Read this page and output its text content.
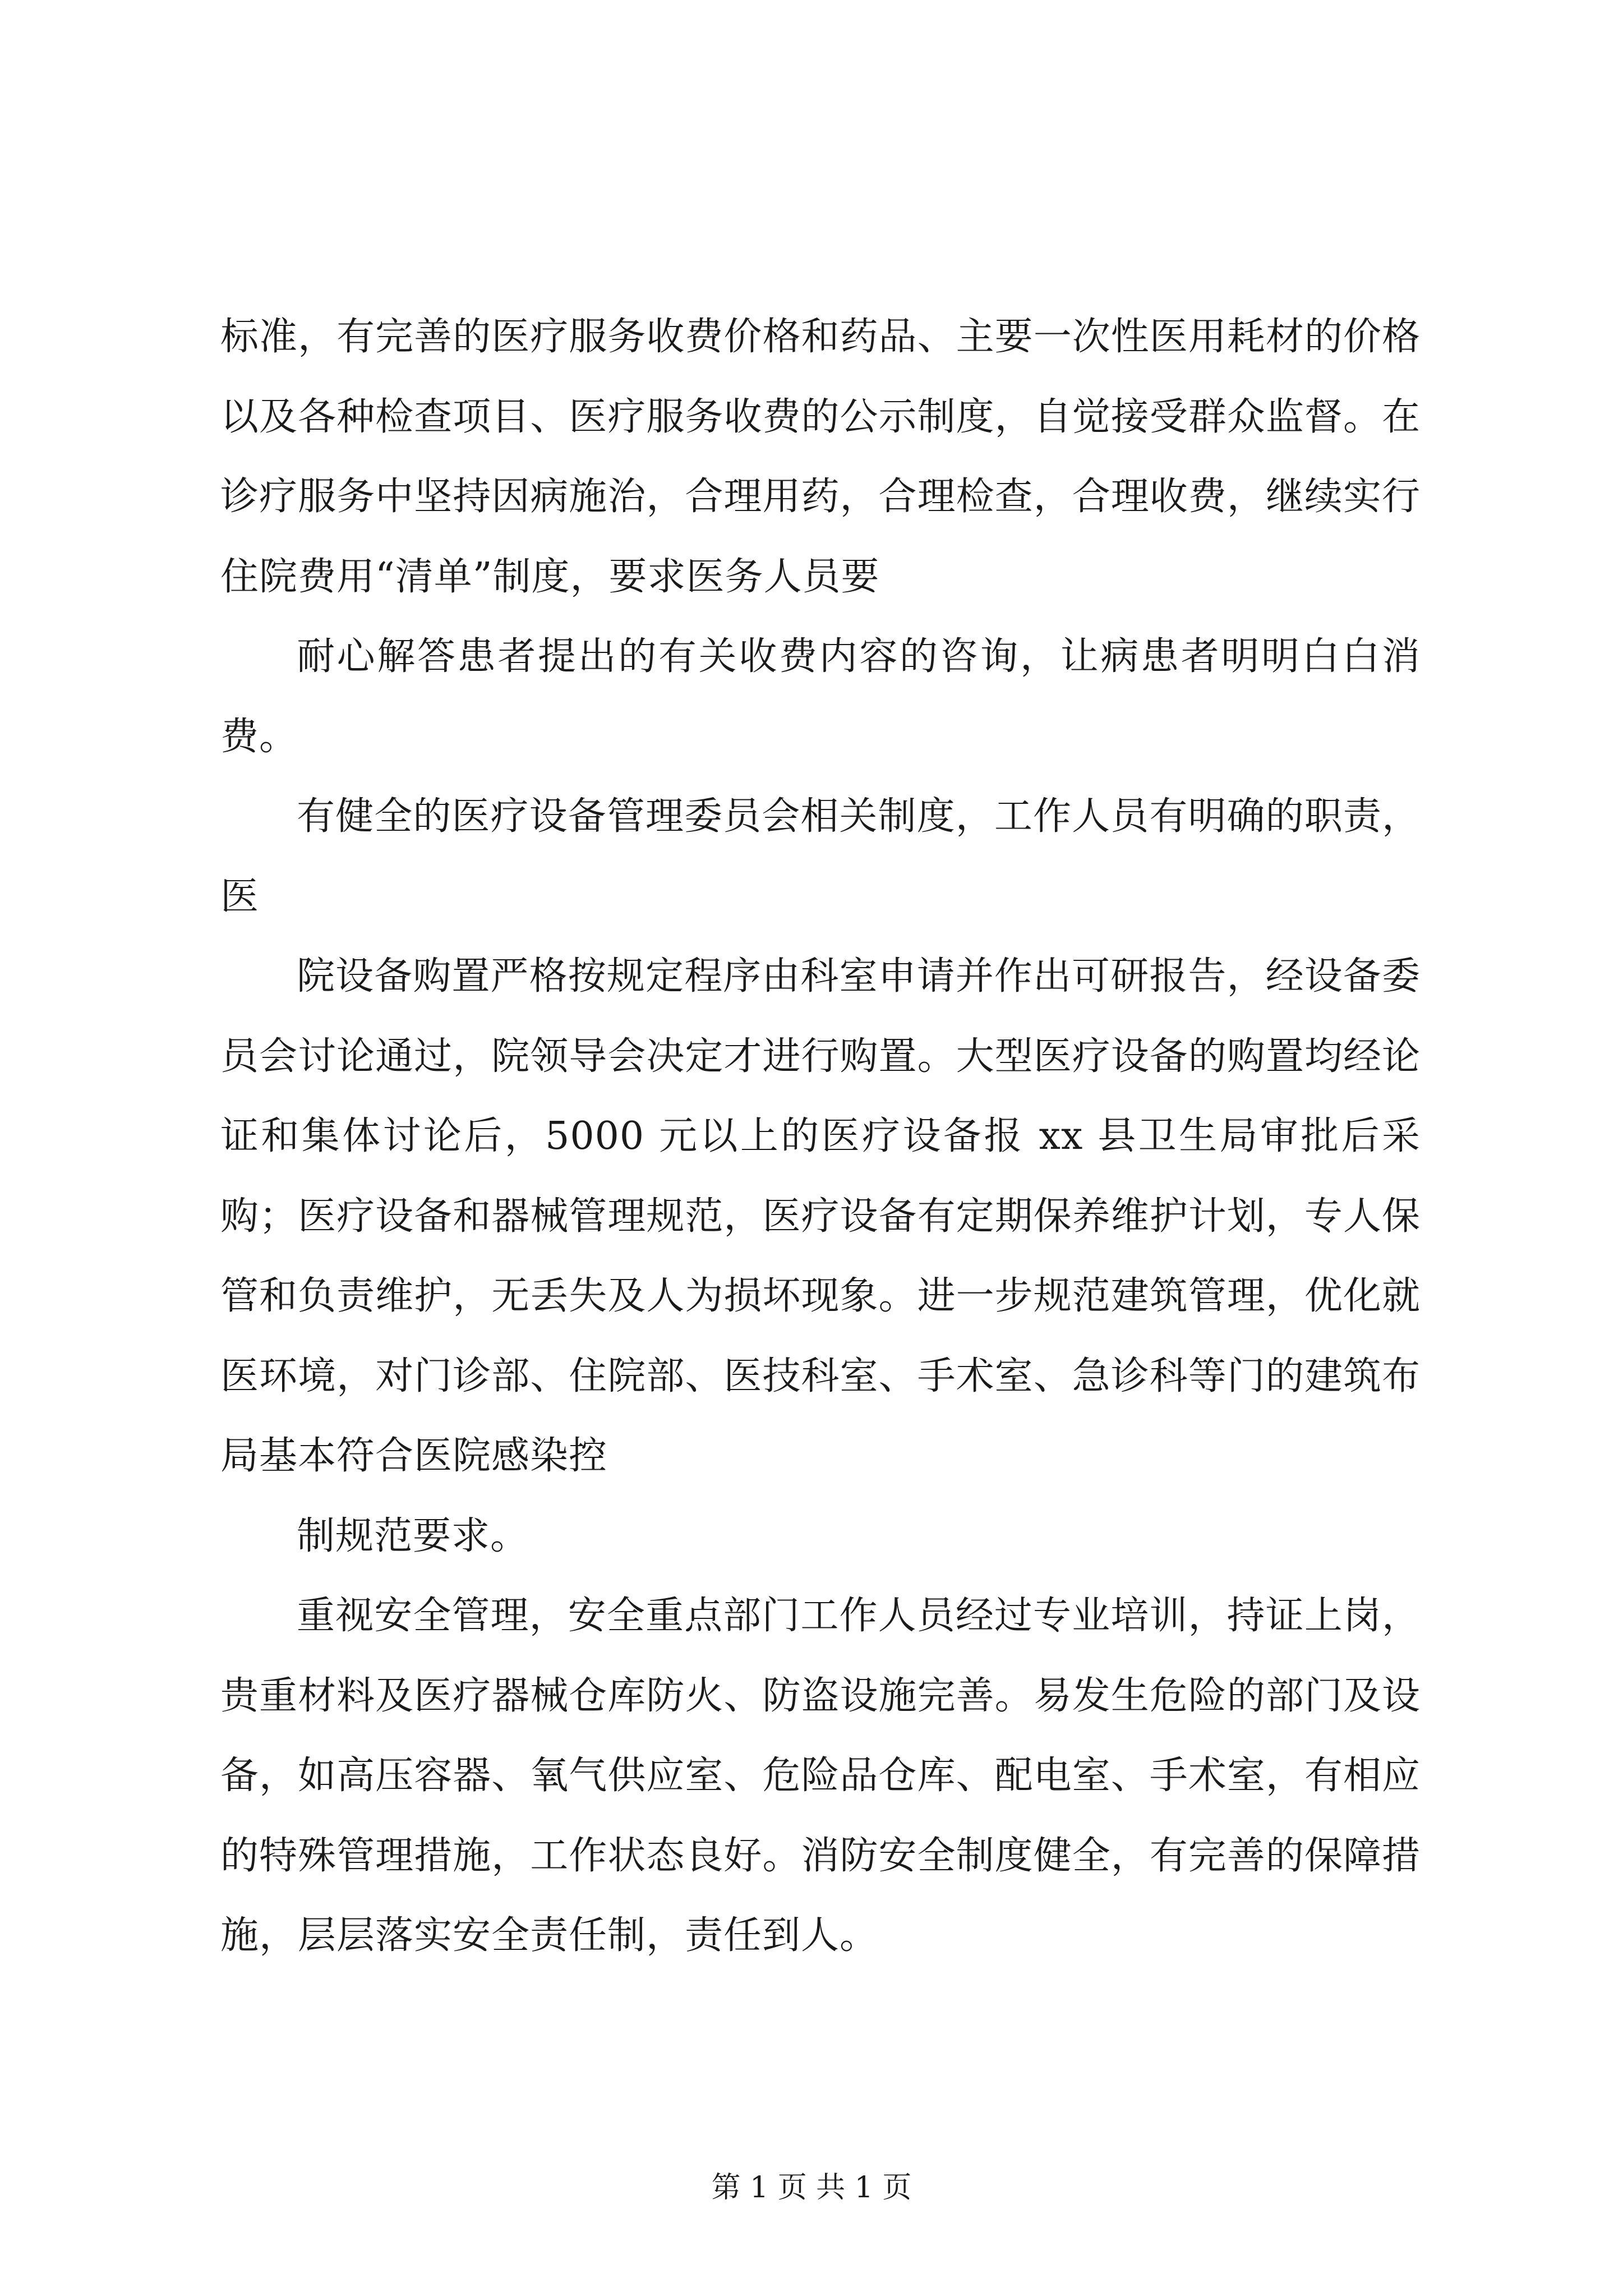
标准，有完善的医疗服务收费价格和药品、主要一次性医用耗材的价格以及各种检查项目、医疗服务收费的公示制度，自觉接受群众监督。在诊疗服务中坚持因病施治，合理用药，合理检查，合理收费，继续实行住院费用“清单”制度，要求医务人员要

耐心解答患者提出的有关收费内容的咨询，让病患者明明白白消费。

有健全的医疗设备管理委员会相关制度，工作人员有明确的职责，医

院设备购置严格按规定程序由科室申请并作出可研报告，经设备委员会讨论通过，院领导会决定才进行购置。大型医疗设备的购置均经论证和集体讨论后，5000 元以上的医疗设备报 xx 县卫生局审批后采购；医疗设备和器械管理规范，医疗设备有定期保养维护计划，专人保管和负责维护，无丢失及人为损坏现象。进一步规范建筑管理，优化就医环境，对门诊部、住院部、医技科室、手术室、急诊科等门的建筑布局基本符合医院感染控

制规范要求。

重视安全管理，安全重点部门工作人员经过专业培训，持证上岗，贵重材料及医疗器械仓库防火、防盗设施完善。易发生危险的部门及设备，如高压容器、氧气供应室、危险品仓库、配电室、手术室，有相应的特殊管理措施，工作状态良好。消防安全制度健全，有完善的保障措施，层层落实安全责任制，责任到人。

第 1 页 共 1 页
